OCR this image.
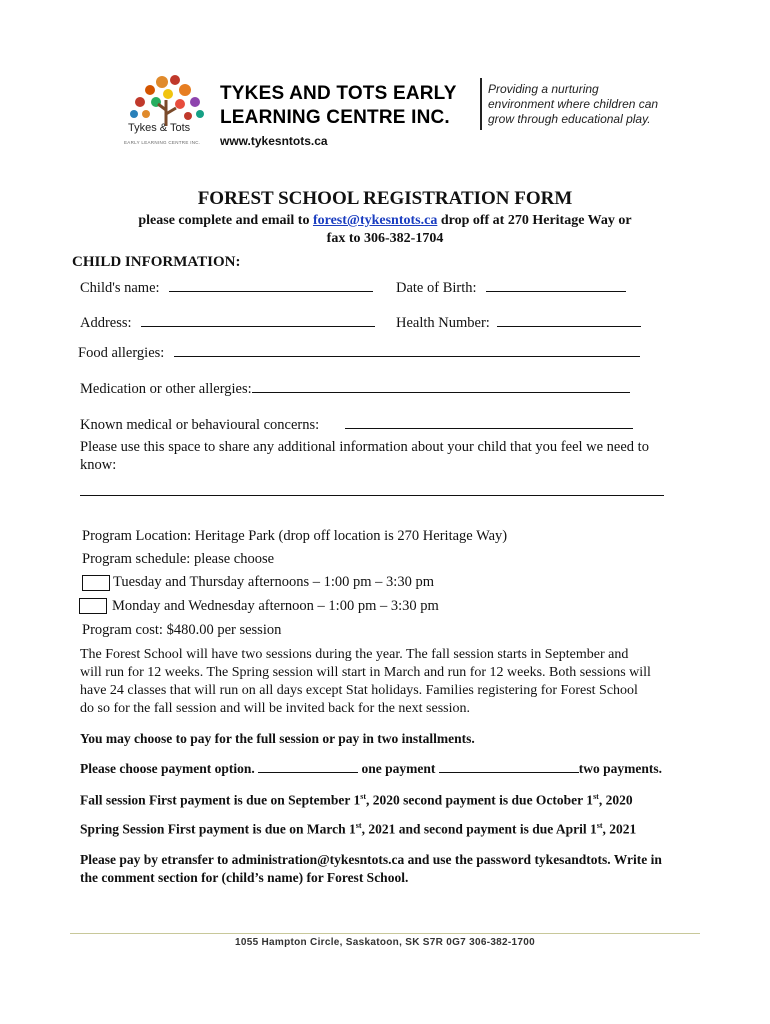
Tykes & Tots
EARLY LEARNING CENTRE INC.
TYKES AND TOTS EARLY
LEARNING CENTRE INC.
www.tykesntots.ca
Providing a nurturing
environment where children can
grow through educational play.
FOREST SCHOOL REGISTRATION FORM
please complete and email to forest@tykesntots.ca drop off at 270 Heritage Way or
fax to 306-382-1704
CHILD INFORMATION:
Child's name:	Date of Birth:
Address:	Health Number:
Food allergies:
Medication or other allergies:
Known medical or behavioural concerns:
Please use this space to share any additional information about your child that you feel we need to
know:
Program Location: Heritage Park (drop off location is 270 Heritage Way)
Program schedule: please choose
Tuesday and Thursday afternoons – 1:00 pm – 3:30 pm
Monday and Wednesday afternoon – 1:00 pm – 3:30 pm
Program cost: $480.00 per session
The Forest School will have two sessions during the year. The fall session starts in September and
will run for 12 weeks. The Spring session will start in March and run for 12 weeks. Both sessions will
have 24 classes that will run on all days except Stat holidays. Families registering for Forest School
do so for the fall session and will be invited back for the next session.
You may choose to pay for the full session or pay in two installments.
Please choose payment option.	one payment	two payments.
Fall session First payment is due on September 1st, 2020 second payment is due October 1st, 2020
Spring Session First payment is due on March 1st, 2021 and second payment is due April 1st, 2021
Please pay by etransfer to administration@tykesntots.ca and use the password tykesandtots. Write in
the comment section for (child’s name) for Forest School.
1055 Hampton Circle, Saskatoon, SK S7R 0G7 306-382-1700
